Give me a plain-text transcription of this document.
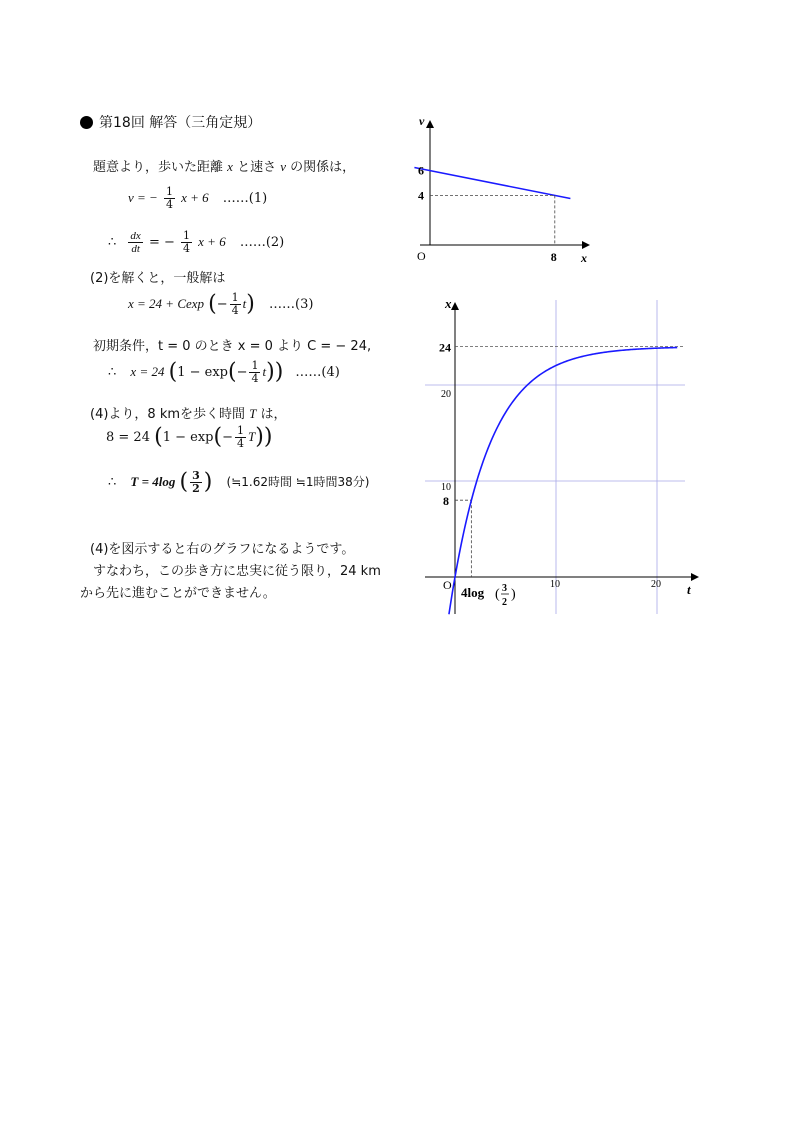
第18回 解答（三角定規）
題意より，歩いた距離 x と速さ v の関係は，
v = − $\frac{1}{4}$ x + 6 ……(1)
∴ $\frac{dx}{dt}$ = − $\frac{1}{4}$ x + 6 ……(2)
(2)を解くと，一般解は
x = 24 + Cexp (− $\frac{1}{4} t$) ……(3)
初期条件，t = 0 のとき x = 0 より C = − 24,
∴ x = 24 $(1 - \exp(- \frac{1}{4} t))$ ……(4)
(4)より，8 kmを歩く時間 T は，
8 = 24 $(1 - \exp(- \frac{1}{4} T))$
∴ T = 4log ( $\frac{3}{2}$ ) (≒1.62時間 ≒1時間38分)
(4)を図示すると右のグラフになるようです。
すなわち，この歩き方に忠実に従う限り，24 km
から先に進むことができません。
v
x
O	8
4
6
x
t
O	10	20
8
10
20
24
4log ( 3
2
)
